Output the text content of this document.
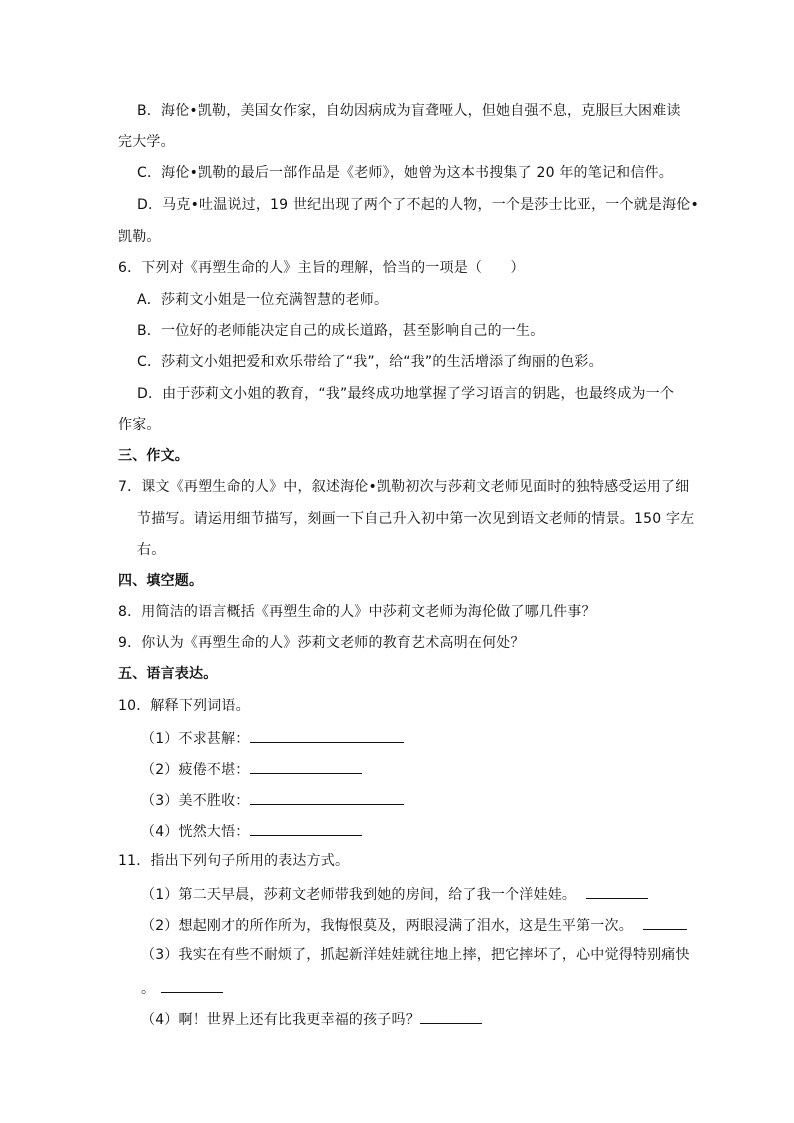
B．海伦•凯勒，美国女作家，自幼因病成为盲聋哑人，但她自强不息，克服巨大困难读
完大学。
C．海伦•凯勒的最后一部作品是《老师》，她曾为这本书搜集了 20 年的笔记和信件。
D．马克•吐温说过，19 世纪出现了两个了不起的人物，一个是莎士比亚，一个就是海伦•
凯勒。
6．下列对《再塑生命的人》主旨的理解，恰当的一项是（　　）
A．莎莉文小姐是一位充满智慧的老师。
B．一位好的老师能决定自己的成长道路，甚至影响自己的一生。
C．莎莉文小姐把爱和欢乐带给了“我”，给“我”的生活增添了绚丽的色彩。
D．由于莎莉文小姐的教育，“我”最终成功地掌握了学习语言的钥匙，也最终成为一个
作家。
三、作文。
7．课文《再塑生命的人》中，叙述海伦•凯勒初次与莎莉文老师见面时的独特感受运用了细
节描写。请运用细节描写，刻画一下自己升入初中第一次见到语文老师的情景。150 字左
右。
四、填空题。
8．用简洁的语言概括《再塑生命的人》中莎莉文老师为海伦做了哪几件事？
9．你认为《再塑生命的人》莎莉文老师的教育艺术高明在何处？
五、语言表达。
10．解释下列词语。
（1）不求甚解：
（2）疲倦不堪：
（3）美不胜收：
（4）恍然大悟：
11．指出下列句子所用的表达方式。
（1）第二天早晨，莎莉文老师带我到她的房间，给了我一个洋娃娃。
（2）想起刚才的所作所为，我悔恨莫及，两眼浸满了泪水，这是生平第一次。
（3）我实在有些不耐烦了，抓起新洋娃娃就往地上摔，把它摔坏了，心中觉得特别痛快
。
（4）啊！世界上还有比我更幸福的孩子吗？
